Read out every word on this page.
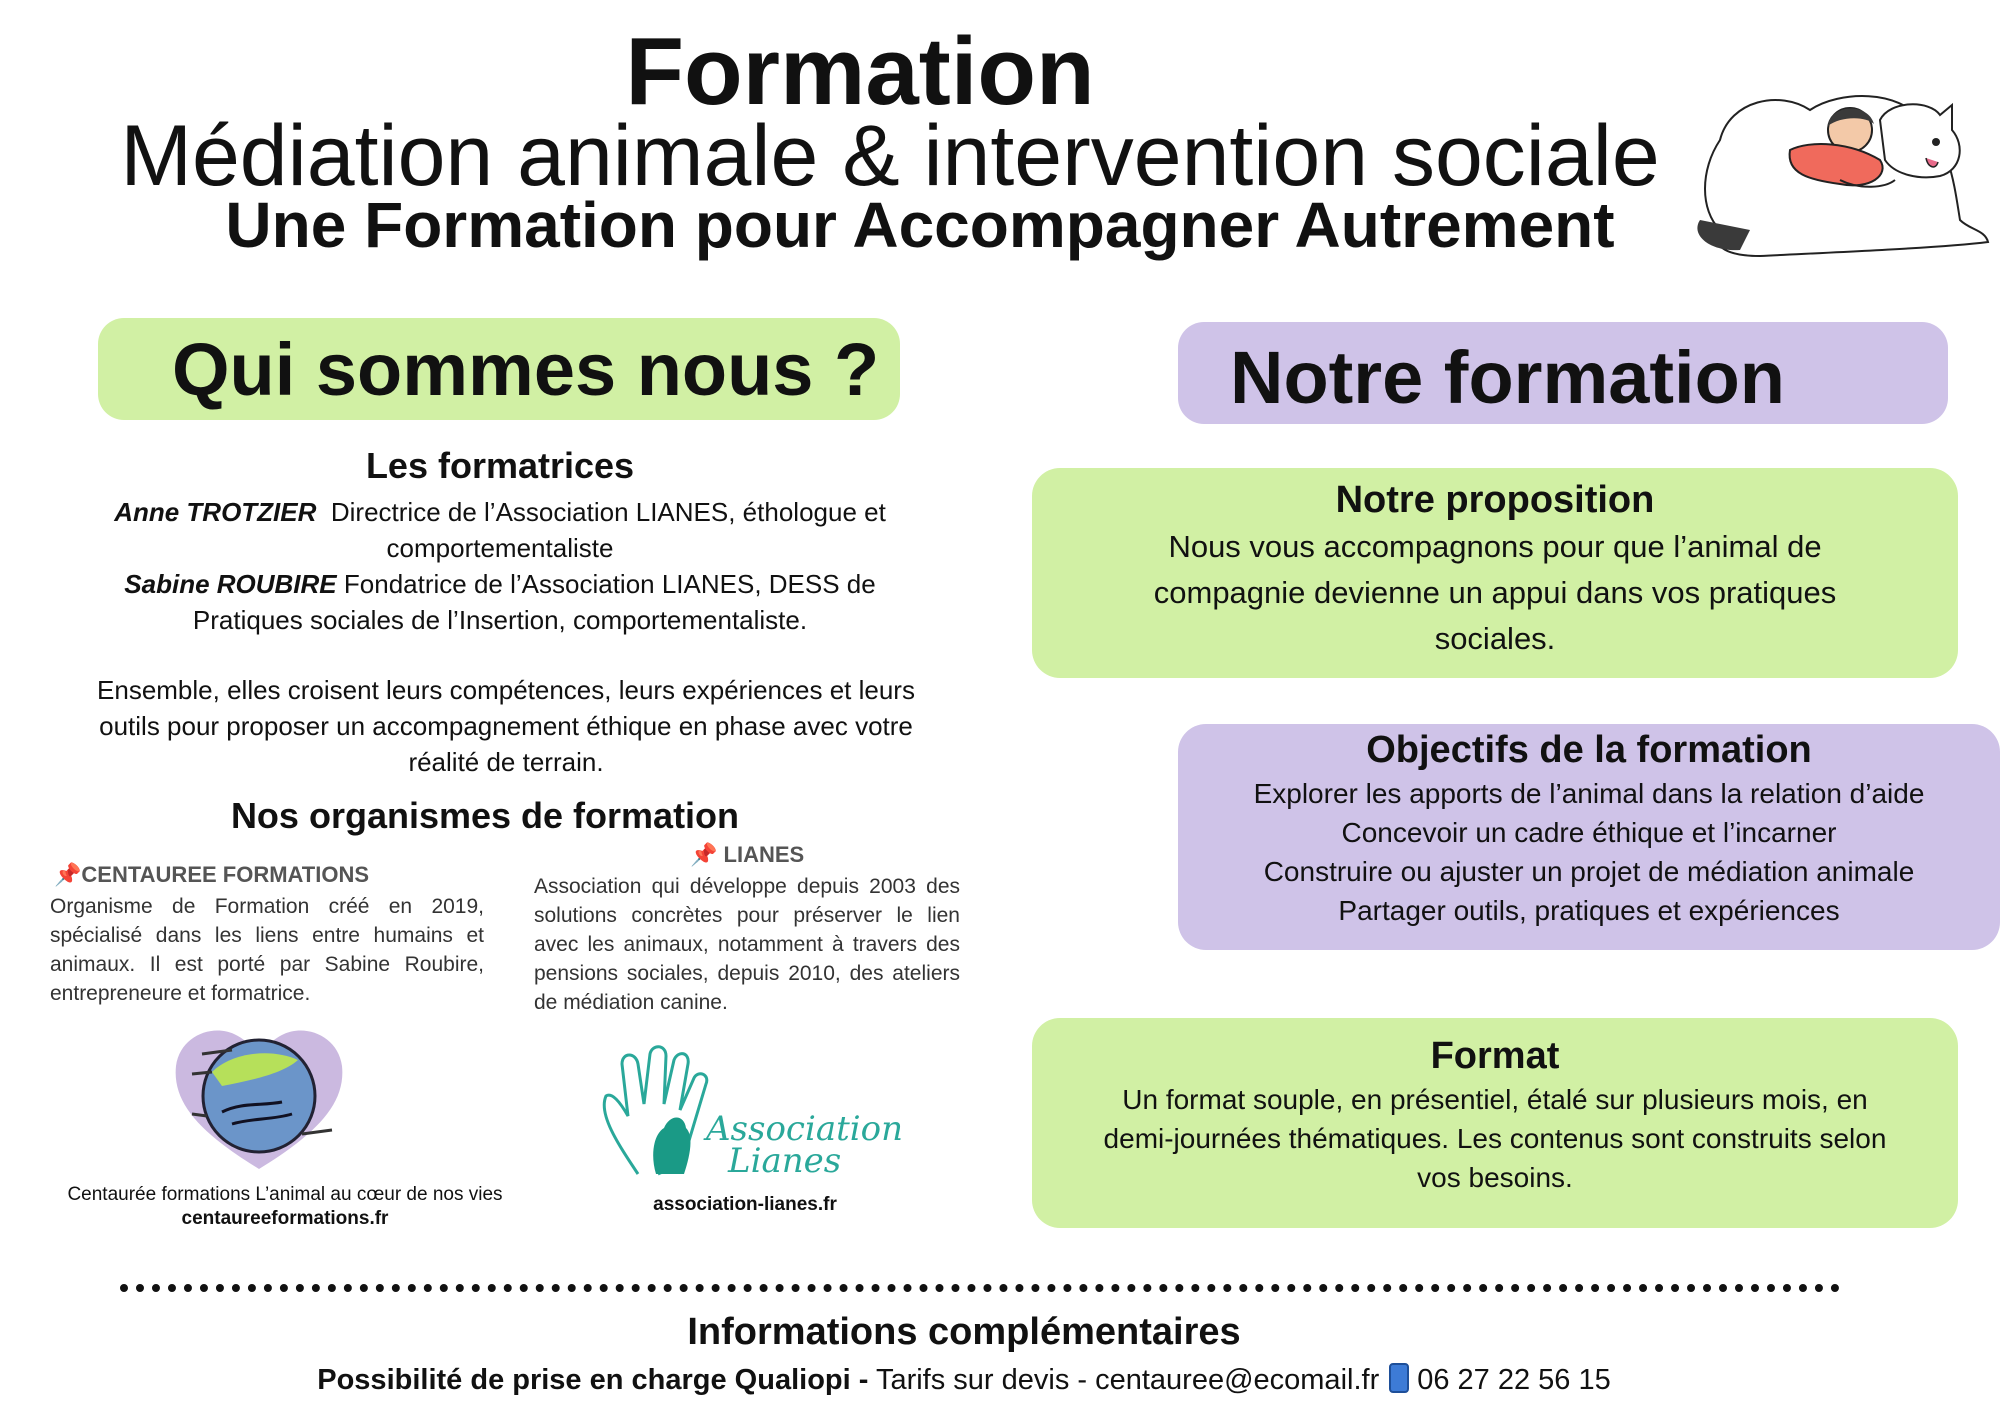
Formation
Médiation animale & intervention sociale
Une Formation pour Accompagner Autrement
Qui sommes nous ?
Les formatrices
Anne TROTZIER Directrice de l’Association LIANES, éthologue et comportementaliste
Sabine ROUBIRE Fondatrice de l’Association LIANES, DESS de Pratiques sociales de l’Insertion, comportementaliste.
Ensemble, elles croisent leurs compétences, leurs expériences et leurs outils pour proposer un accompagnement éthique en phase avec votre réalité de terrain.
Nos organismes de formation
📌CENTAUREE FORMATIONS
Organisme de Formation créé en 2019, spécialisé dans les liens entre humains et animaux. Il est porté par Sabine Roubire, entrepreneure et formatrice.
📌 LIANES
Association qui développe depuis 2003 des solutions concrètes pour préserver le lien avec les animaux, notamment à travers des pensions sociales, depuis 2010, des ateliers de médiation canine.
Association
Lianes
Centaurée formations L’animal au cœur de nos vies
centaureeformations.fr
association-lianes.fr
Notre formation
Notre proposition
Nous vous accompagnons pour que l’animal de
compagnie devienne un appui dans vos pratiques
sociales.
Objectifs de la formation
Explorer les apports de l’animal dans la relation d’aide
Concevoir un cadre éthique et l’incarner
Construire ou ajuster un projet de médiation animale
Partager outils, pratiques et expériences
Format
Un format souple, en présentiel, étalé sur plusieurs mois, en
demi-journées thématiques. Les contenus sont construits selon
vos besoins.
Informations complémentaires
Possibilité de prise en charge Qualiopi - Tarifs sur devis - centauree@ecomail.fr 06 27 22 56 15
